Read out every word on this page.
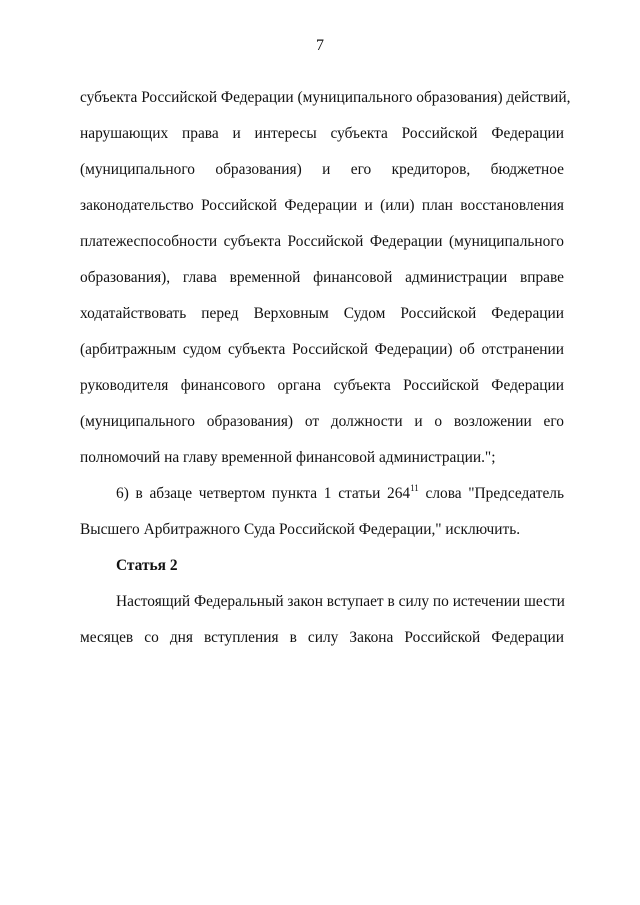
7
субъекта Российской Федерации (муниципального образования) действий,
нарушающих права и интересы субъекта Российской Федерации
(муниципального образования) и его кредиторов, бюджетное
законодательство Российской Федерации и (или) план восстановления
платежеспособности субъекта Российской Федерации (муниципального
образования), глава временной финансовой администрации вправе
ходатайствовать перед Верховным Судом Российской Федерации
(арбитражным судом субъекта Российской Федерации) об отстранении
руководителя финансового органа субъекта Российской Федерации
(муниципального образования) от должности и о возложении его
полномочий на главу временной финансовой администрации.";
6) в абзаце четвертом пункта 1 статьи $264^{11}$ слова "Председатель
Высшего Арбитражного Суда Российской Федерации," исключить.
Статья 2
Настоящий Федеральный закон вступает в силу по истечении шести
месяцев со дня вступления в силу Закона Российской Федерации
